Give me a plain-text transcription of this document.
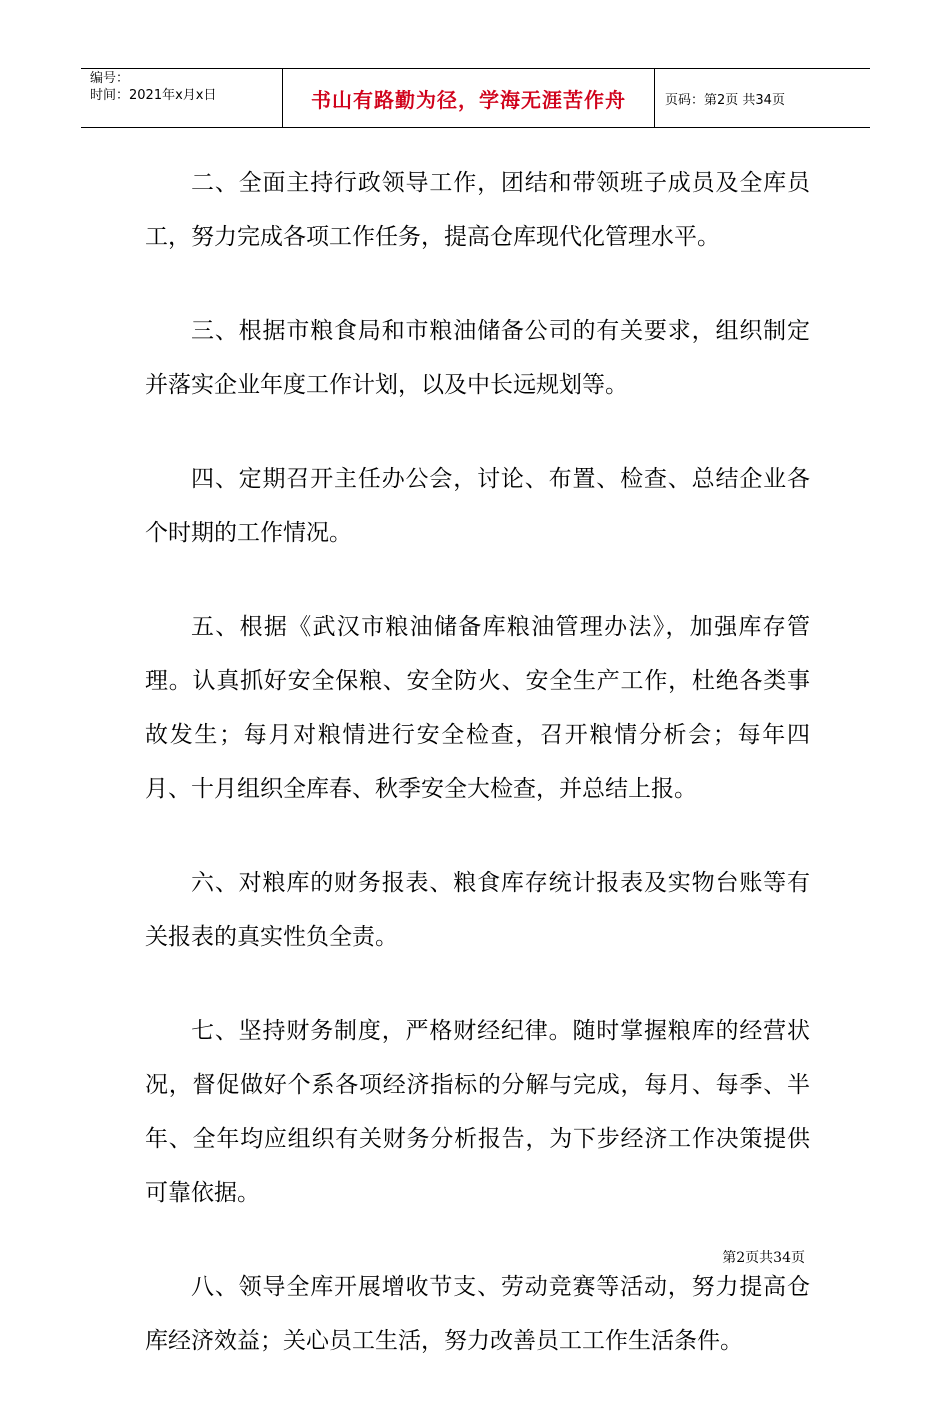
编号：
时间：2021年x月x日	书山有路勤为径，学海无涯苦作舟	页码：第2页 共34页

二、全面主持行政领导工作，团结和带领班子成员及全库员工，努力完成各项工作任务，提高仓库现代化管理水平。

三、根据市粮食局和市粮油储备公司的有关要求，组织制定并落实企业年度工作计划，以及中长远规划等。

四、定期召开主任办公会，讨论、布置、检查、总结企业各个时期的工作情况。

五、根据《武汉市粮油储备库粮油管理办法》，加强库存管理。认真抓好安全保粮、安全防火、安全生产工作，杜绝各类事故发生；每月对粮情进行安全检查，召开粮情分析会；每年四月、十月组织全库春、秋季安全大检查，并总结上报。

六、对粮库的财务报表、粮食库存统计报表及实物台账等有关报表的真实性负全责。

七、坚持财务制度，严格财经纪律。随时掌握粮库的经营状况，督促做好个系各项经济指标的分解与完成，每月、每季、半年、全年均应组织有关财务分析报告，为下步经济工作决策提供可靠依据。

八、领导全库开展增收节支、劳动竞赛等活动，努力提高仓库经济效益；关心员工生活，努力改善员工工作生活条件。

第2页共34页
